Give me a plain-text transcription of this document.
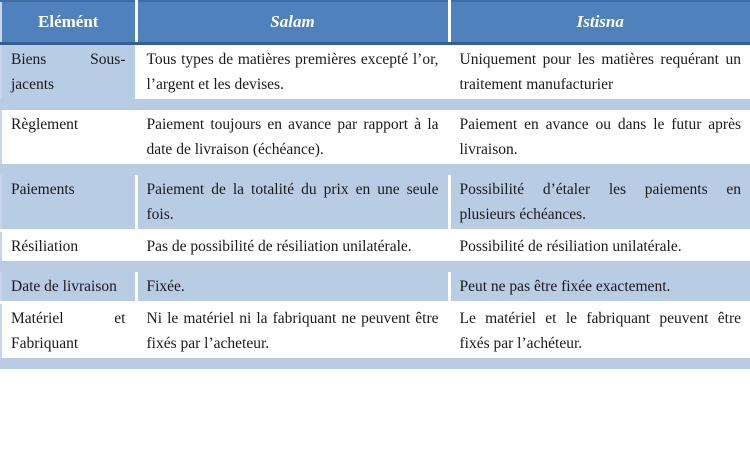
Elémént	Salam	Istisna
Biens Sous-jacents	Tous types de matières premières excepté l’or, l’argent et les devises.	Uniquement pour les matières requérant un traitement manufacturier
Règlement	Paiement toujours en avance par rapport à la date de livraison (échéance).	Paiement en avance ou dans le futur après livraison.
Paiements	Paiement de la totalité du prix en une seule fois.	Possibilité d’étaler les paiements en plusieurs échéances.
Résiliation	Pas de possibilité de résiliation unilatérale.	Possibilité de résiliation unilatérale.
Date de livraison	Fixée.	Peut ne pas être fixée exactement.
Matériel et Fabriquant	Ni le matériel ni la fabriquant ne peuvent être fixés par l’acheteur.	Le matériel et le fabriquant peuvent être fixés par l’achéteur.
